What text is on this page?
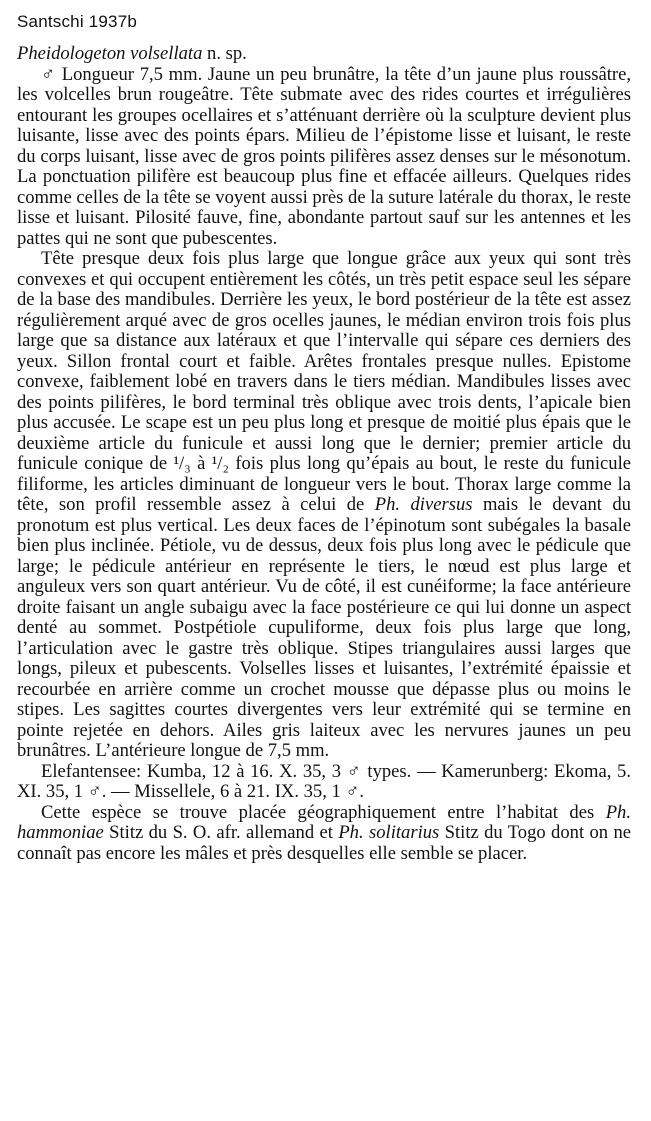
Santschi 1937b

Pheidologeton volsellata n. sp.

♂ Longueur 7,5 mm. Jaune un peu brunâtre, la tête d’un jaune plus roussâtre, les volcelles brun rougeâtre. Tête submate avec des rides courtes et irrégulières entourant les groupes ocellaires et s’atténuant derrière où la sculpture devient plus luisante, lisse avec des points épars. Milieu de l’épistome lisse et luisant, le reste du corps luisant, lisse avec de gros points pilifères assez denses sur le mésonotum. La ponctuation pilifère est beaucoup plus fine et effacée ailleurs. Quelques rides comme celles de la tête se voyent aussi près de la suture latérale du thorax, le reste lisse et luisant. Pilosité fauve, fine, abondante partout sauf sur les antennes et les pattes qui ne sont que pubescentes.

Tête presque deux fois plus large que longue grâce aux yeux qui sont très convexes et qui occupent entièrement les côtés, un très petit espace seul les sépare de la base des mandibules. Derrière les yeux, le bord postérieur de la tête est assez régulièrement arqué avec de gros ocelles jaunes, le médian environ trois fois plus large que sa distance aux latéraux et que l’intervalle qui sépare ces derniers des yeux. Sillon frontal court et faible. Arêtes frontales presque nulles. Epistome convexe, faiblement lobé en travers dans le tiers médian. Mandibules lisses avec des points pilifères, le bord terminal très oblique avec trois dents, l’apicale bien plus accusée. Le scape est un peu plus long et presque de moitié plus épais que le deuxième article du funicule et aussi long que le dernier; premier article du funicule conique de ¹/₃ à ¹/₂ fois plus long qu’épais au bout, le reste du funicule filiforme, les articles diminuant de longueur vers le bout. Thorax large comme la tête, son profil ressemble assez à celui de Ph. diversus mais le devant du pronotum est plus vertical. Les deux faces de l’épinotum sont subégales la basale bien plus inclinée. Pétiole, vu de dessus, deux fois plus long avec le pédicule que large; le pédicule antérieur en représente le tiers, le nœud est plus large et anguleux vers son quart antérieur. Vu de côté, il est cunéiforme; la face antérieure droite faisant un angle subaigu avec la face postérieure ce qui lui donne un aspect denté au sommet. Postpétiole cupuliforme, deux fois plus large que long, l’articulation avec le gastre très oblique. Stipes triangulaires aussi larges que longs, pileux et pubescents. Volselles lisses et luisantes, l’extrémité épaissie et recourbée en arrière comme un crochet mousse que dépasse plus ou moins le stipes. Les sagittes courtes divergentes vers leur extrémité qui se termine en pointe rejetée en dehors. Ailes gris laiteux avec les nervures jaunes un peu brunâtres. L’antérieure longue de 7,5 mm.

Elefantensee: Kumba, 12 à 16. X. 35, 3 ♂ types. — Kamerunberg: Ekoma, 5. XI. 35, 1 ♂. — Missellele, 6 à 21. IX. 35, 1 ♂.

Cette espèce se trouve placée géographiquement entre l’habitat des Ph. hammoniae Stitz du S. O. afr. allemand et Ph. solitarius Stitz du Togo dont on ne connaît pas encore les mâles et près desquelles elle semble se placer.
